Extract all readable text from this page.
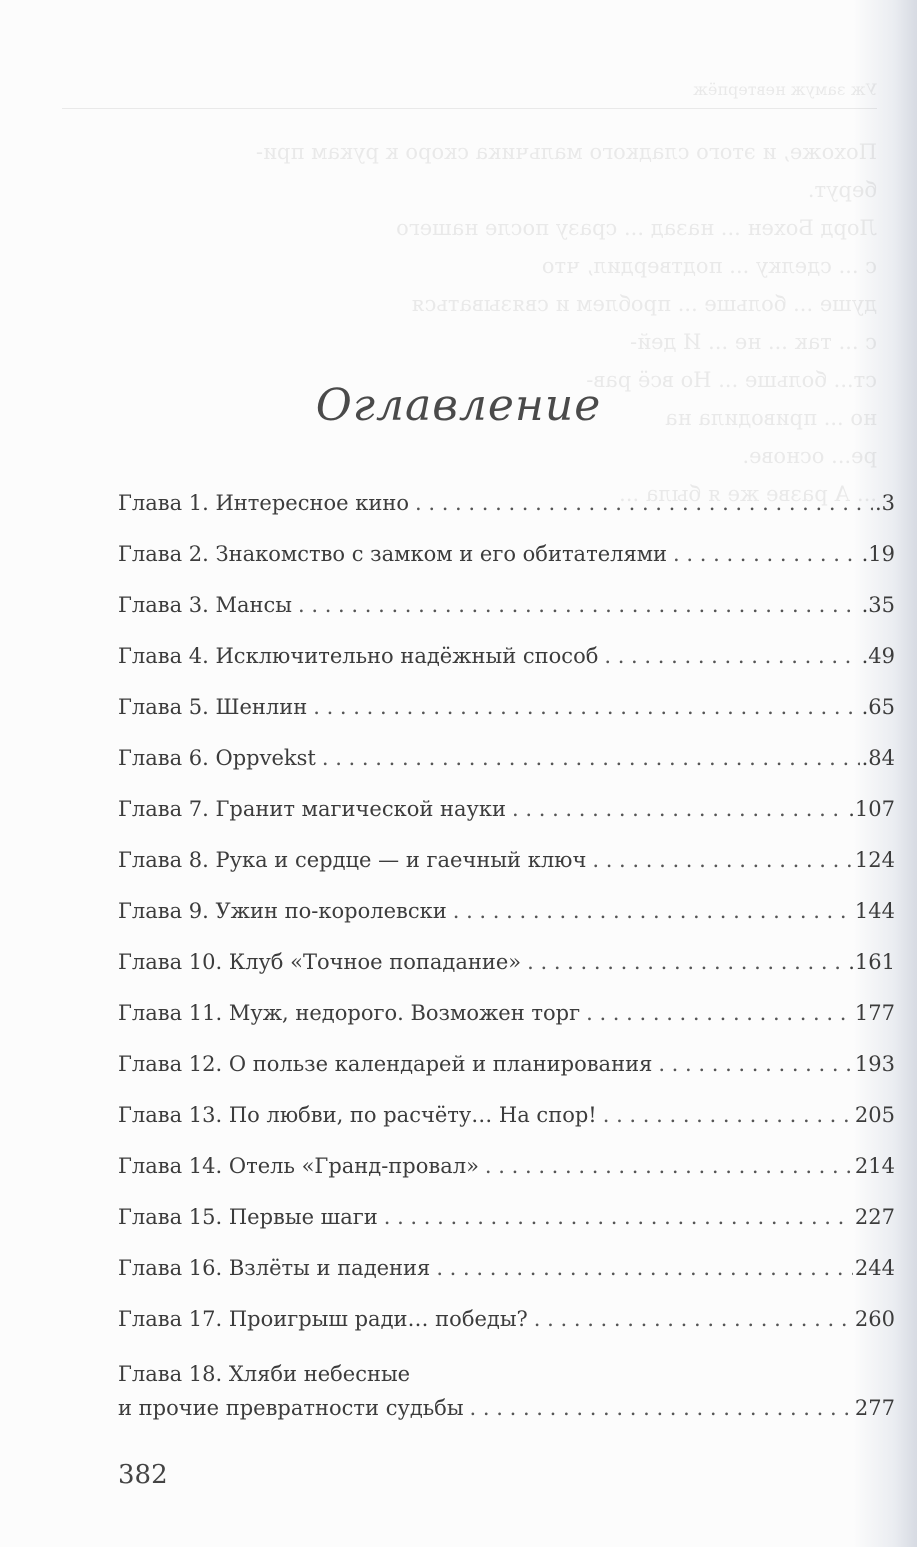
Уж замуж невтерпёж
Похоже, и этого сладкого мальчика скоро к рукам при-
берут.
Лорд Бохен ... назад ... сразу после нашего
с ... сделку ... подтвердил, что
душе ... больше ... проблем и связываться
с ... так ... не ... И дей-
ст... больше ... Но всё рав-
но ... приводила на
ре... основе.
... А разве же я была ...
Оглавление
Глава 1. Интересное кино . . .	.3
Глава 2. Знакомство с замком и его обитателями . . .	.19
Глава 3. Мансы . . .	.35
Глава 4. Исключительно надёжный способ . . .	.49
Глава 5. Шенлин . . .	.65
Глава 6. Oppvekst . . .	.84
Глава 7. Гранит магической науки . . .	.107
Глава 8. Рука и сердце — и гаечный ключ . . .	124
Глава 9. Ужин по-королевски . . .	144
Глава 10. Клуб «Точное попадание» . . .	.161
Глава 11. Муж, недорого. Возможен торг . . .	177
Глава 12. О пользе календарей и планирования . . .	193
Глава 13. По любви, по расчёту… На спор! . . .	205
Глава 14. Отель «Гранд-провал» . . .	214
Глава 15. Первые шаги . . .	227
Глава 16. Взлёты и падения . . .	244
Глава 17. Проигрыш ради… победы? . . .	260
Глава 18. Хляби небесные
и прочие превратности судьбы . . .	277

382
